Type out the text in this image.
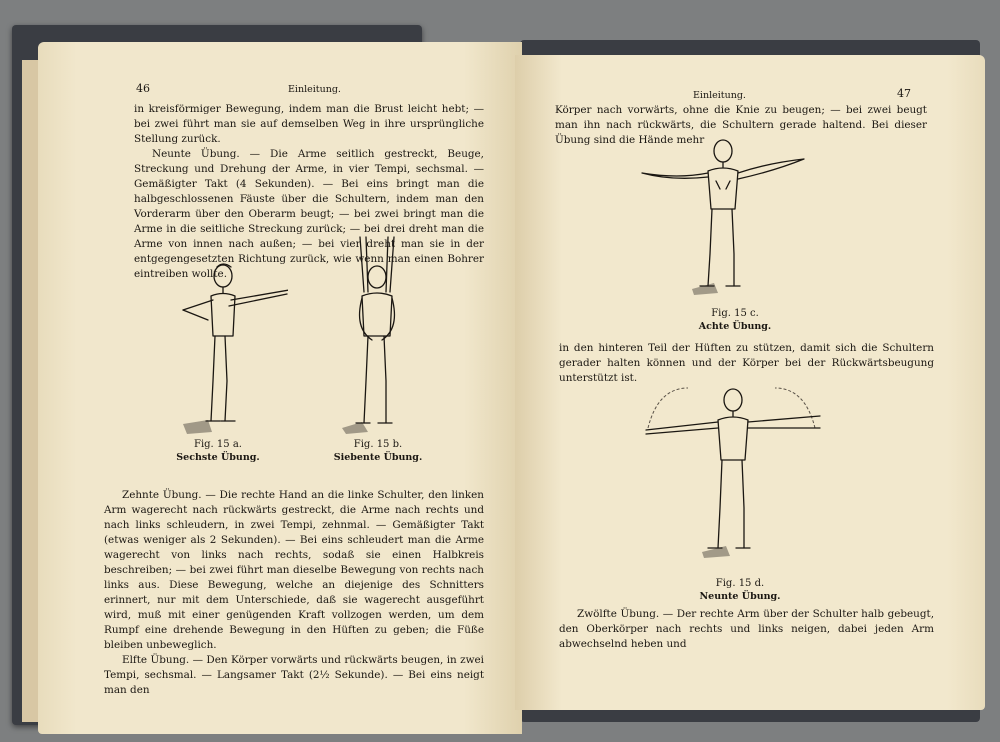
46	Einleitung.

in kreisförmiger Bewegung, indem man die Brust leicht hebt; — bei zwei führt man sie auf demselben Weg in ihre ursprüngliche Stellung zurück.

Neunte Übung. — Die Arme seitlich gestreckt, Beuge, Streckung und Drehung der Arme, in vier Tempi, sechsmal. — Gemäßigter Takt (4 Sekunden). — Bei eins bringt man die halbgeschlossenen Fäuste über die Schultern, indem man den Vorderarm über den Oberarm beugt; — bei zwei bringt man die Arme in die seitliche Streckung zurück; — bei drei dreht man die Arme von innen nach außen; — bei vier dreht man sie in der entgegengesetzten Richtung zurück, wie wenn man einen Bohrer eintreiben wollte.

Fig. 15 a.
Sechste Übung.
Fig. 15 b.
Siebente Übung.

Zehnte Übung. — Die rechte Hand an die linke Schulter, den linken Arm wagerecht nach rückwärts gestreckt, die Arme nach rechts und nach links schleudern, in zwei Tempi, zehnmal. — Gemäßigter Takt (etwas weniger als 2 Sekunden). — Bei eins schleudert man die Arme wagerecht von links nach rechts, sodaß sie einen Halbkreis beschreiben; — bei zwei führt man dieselbe Bewegung von rechts nach links aus. Diese Bewegung, welche an diejenige des Schnitters erinnert, nur mit dem Unterschiede, daß sie wagerecht ausgeführt wird, muß mit einer genügenden Kraft vollzogen werden, um dem Rumpf eine drehende Bewegung in den Hüften zu geben; die Füße bleiben unbeweglich.

Elfte Übung. — Den Körper vorwärts und rückwärts beugen, in zwei Tempi, sechsmal. — Langsamer Takt (2½ Sekunde). — Bei eins neigt man den

Einleitung.	47

Körper nach vorwärts, ohne die Knie zu beugen; — bei zwei beugt man ihn nach rückwärts, die Schultern gerade haltend. Bei dieser Übung sind die Hände mehr

Fig. 15 c.
Achte Übung.

in den hinteren Teil der Hüften zu stützen, damit sich die Schultern gerader halten können und der Körper bei der Rückwärtsbeugung unterstützt ist.

Fig. 15 d.
Neunte Übung.

Zwölfte Übung. — Der rechte Arm über der Schulter halb gebeugt, den Oberkörper nach rechts und links neigen, dabei jeden Arm abwechselnd heben und
